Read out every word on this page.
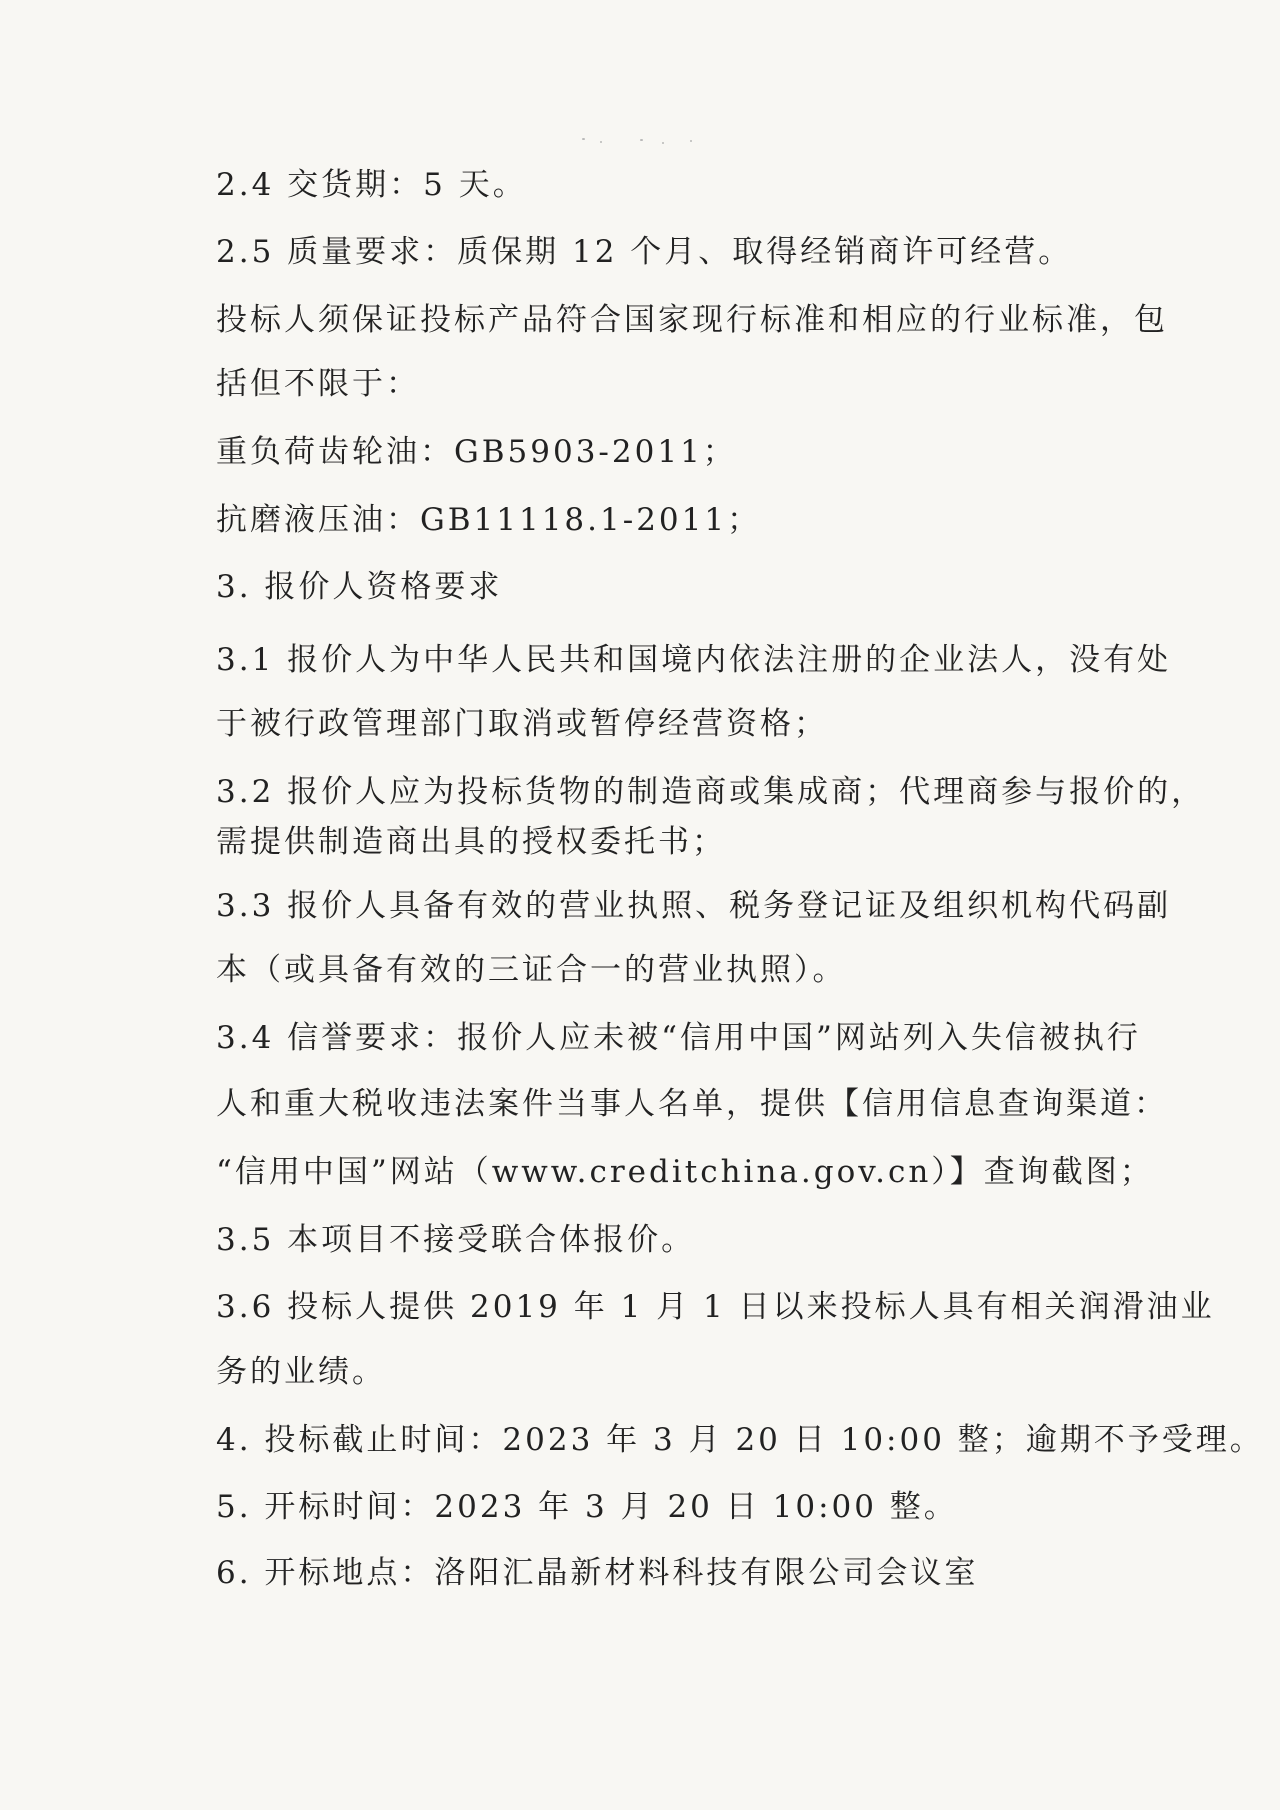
2.4 交货期：5 天。
2.5 质量要求：质保期 12 个月、取得经销商许可经营。
投标人须保证投标产品符合国家现行标准和相应的行业标准，包
括但不限于：
重负荷齿轮油：GB5903-2011；
抗磨液压油：GB11118.1-2011；
3. 报价人资格要求
3.1 报价人为中华人民共和国境内依法注册的企业法人，没有处
于被行政管理部门取消或暂停经营资格；
3.2 报价人应为投标货物的制造商或集成商；代理商参与报价的，
需提供制造商出具的授权委托书；
3.3 报价人具备有效的营业执照、税务登记证及组织机构代码副
本（或具备有效的三证合一的营业执照）。
3.4 信誉要求：报价人应未被“信用中国”网站列入失信被执行
人和重大税收违法案件当事人名单，提供【信用信息查询渠道：
“信用中国”网站（www.creditchina.gov.cn）】查询截图；
3.5 本项目不接受联合体报价。
3.6 投标人提供 2019 年 1 月 1 日以来投标人具有相关润滑油业
务的业绩。
4. 投标截止时间：2023 年 3 月 20 日 10:00 整；逾期不予受理。
5. 开标时间：2023 年 3 月 20 日 10:00 整。
6. 开标地点：洛阳汇晶新材料科技有限公司会议室
